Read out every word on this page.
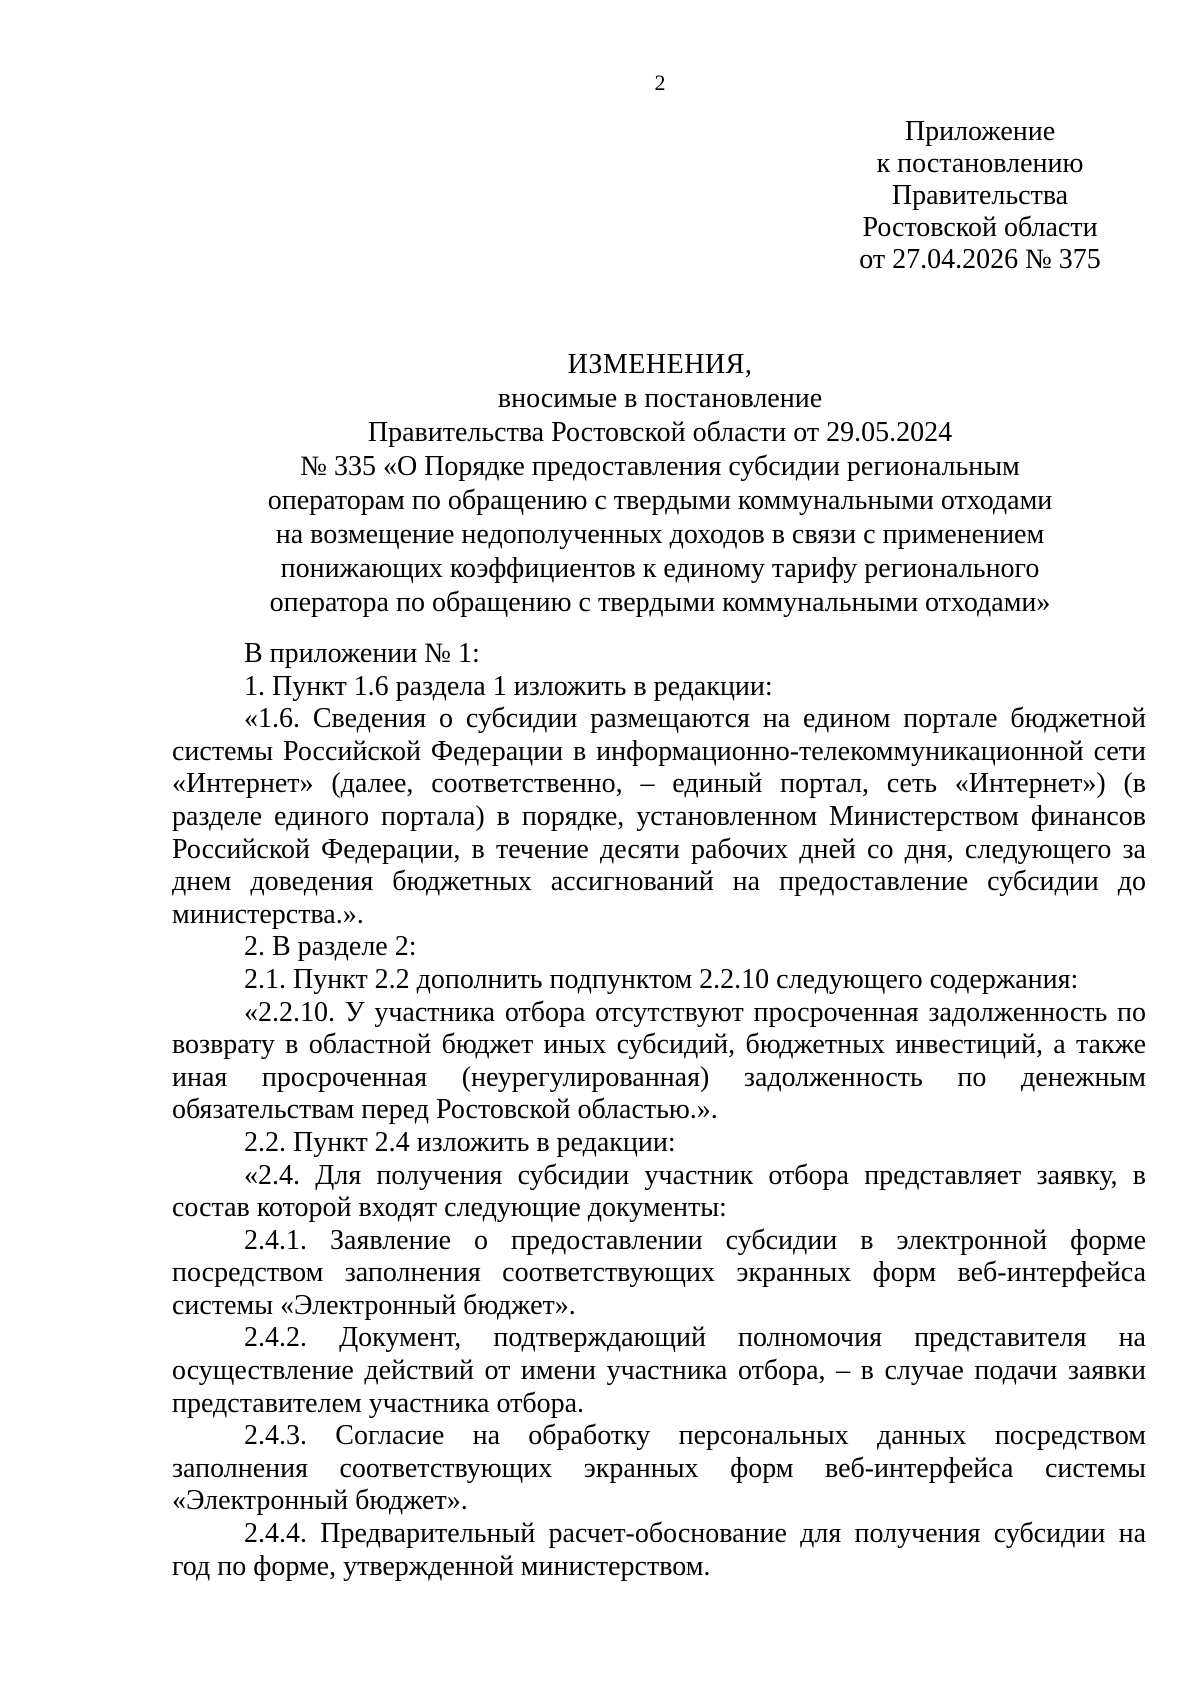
2
Приложение
к постановлению
Правительства
Ростовской области
от 27.04.2026 № 375
ИЗМЕНЕНИЯ,
вносимые в постановление
Правительства Ростовской области от 29.05.2024
№ 335 «О Порядке предоставления субсидии региональным
операторам по обращению с твердыми коммунальными отходами
на возмещение недополученных доходов в связи с применением
понижающих коэффициентов к единому тарифу регионального
оператора по обращению с твердыми коммунальными отходами»

В приложении № 1:

1. Пункт 1.6 раздела 1 изложить в редакции:

«1.6. Сведения о субсидии размещаются на едином портале бюджетной системы Российской Федерации в информационно-телекоммуникационной сети «Интернет» (далее, соответственно, – единый портал, сеть «Интернет») (в разделе единого портала) в порядке, установленном Министерством финансов Российской Федерации, в течение десяти рабочих дней со дня, следующего за днем доведения бюджетных ассигнований на предоставление субсидии до министерства.».

2. В разделе 2:

2.1. Пункт 2.2 дополнить подпунктом 2.2.10 следующего содержания:

«2.2.10. У участника отбора отсутствуют просроченная задолженность по возврату в областной бюджет иных субсидий, бюджетных инвестиций, а также иная просроченная (неурегулированная) задолженность по денежным обязательствам перед Ростовской областью.».

2.2. Пункт 2.4 изложить в редакции:

«2.4. Для получения субсидии участник отбора представляет заявку, в состав которой входят следующие документы:

2.4.1. Заявление о предоставлении субсидии в электронной форме посредством заполнения соответствующих экранных форм веб-интерфейса системы «Электронный бюджет».

2.4.2. Документ, подтверждающий полномочия представителя на осуществление действий от имени участника отбора, – в случае подачи заявки представителем участника отбора.

2.4.3. Согласие на обработку персональных данных посредством заполнения соответствующих экранных форм веб-интерфейса системы «Электронный бюджет».

2.4.4. Предварительный расчет-обоснование для получения субсидии на год по форме, утвержденной министерством.
